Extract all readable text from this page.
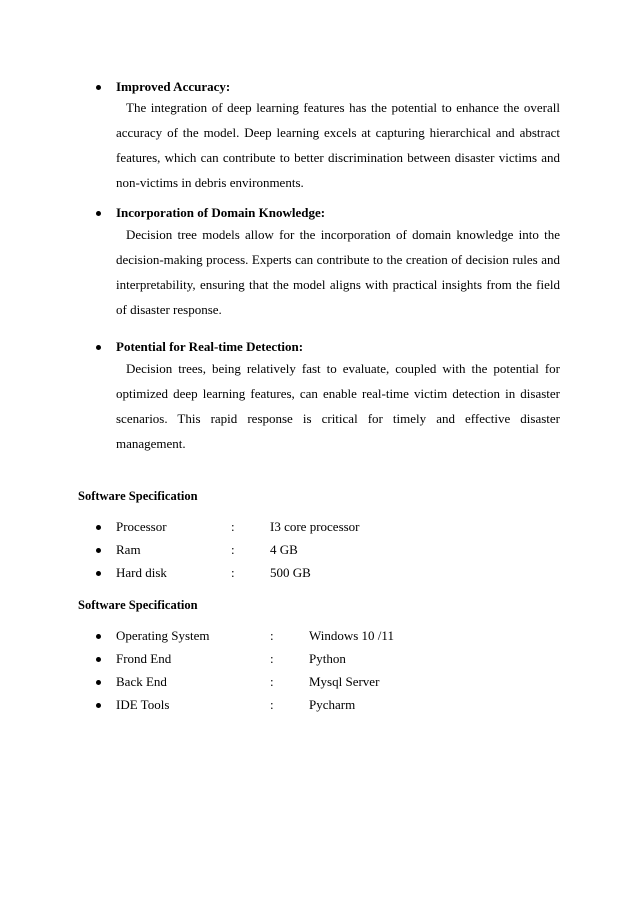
Improved Accuracy:
The integration of deep learning features has the potential to enhance the overall accuracy of the model. Deep learning excels at capturing hierarchical and abstract features, which can contribute to better discrimination between disaster victims and non-victims in debris environments.
Incorporation of Domain Knowledge:
Decision tree models allow for the incorporation of domain knowledge into the decision-making process. Experts can contribute to the creation of decision rules and interpretability, ensuring that the model aligns with practical insights from the field of disaster response.
Potential for Real-time Detection:
Decision trees, being relatively fast to evaluate, coupled with the potential for optimized deep learning features, can enable real-time victim detection in disaster scenarios. This rapid response is critical for timely and effective disaster management.
Software Specification
Processor	:	I3 core processor
Ram	:	4 GB
Hard disk	:	500 GB
Software Specification
Operating System	:	Windows 10 /11
Frond End	:	Python
Back End	:	Mysql Server
IDE Tools	:	Pycharm
